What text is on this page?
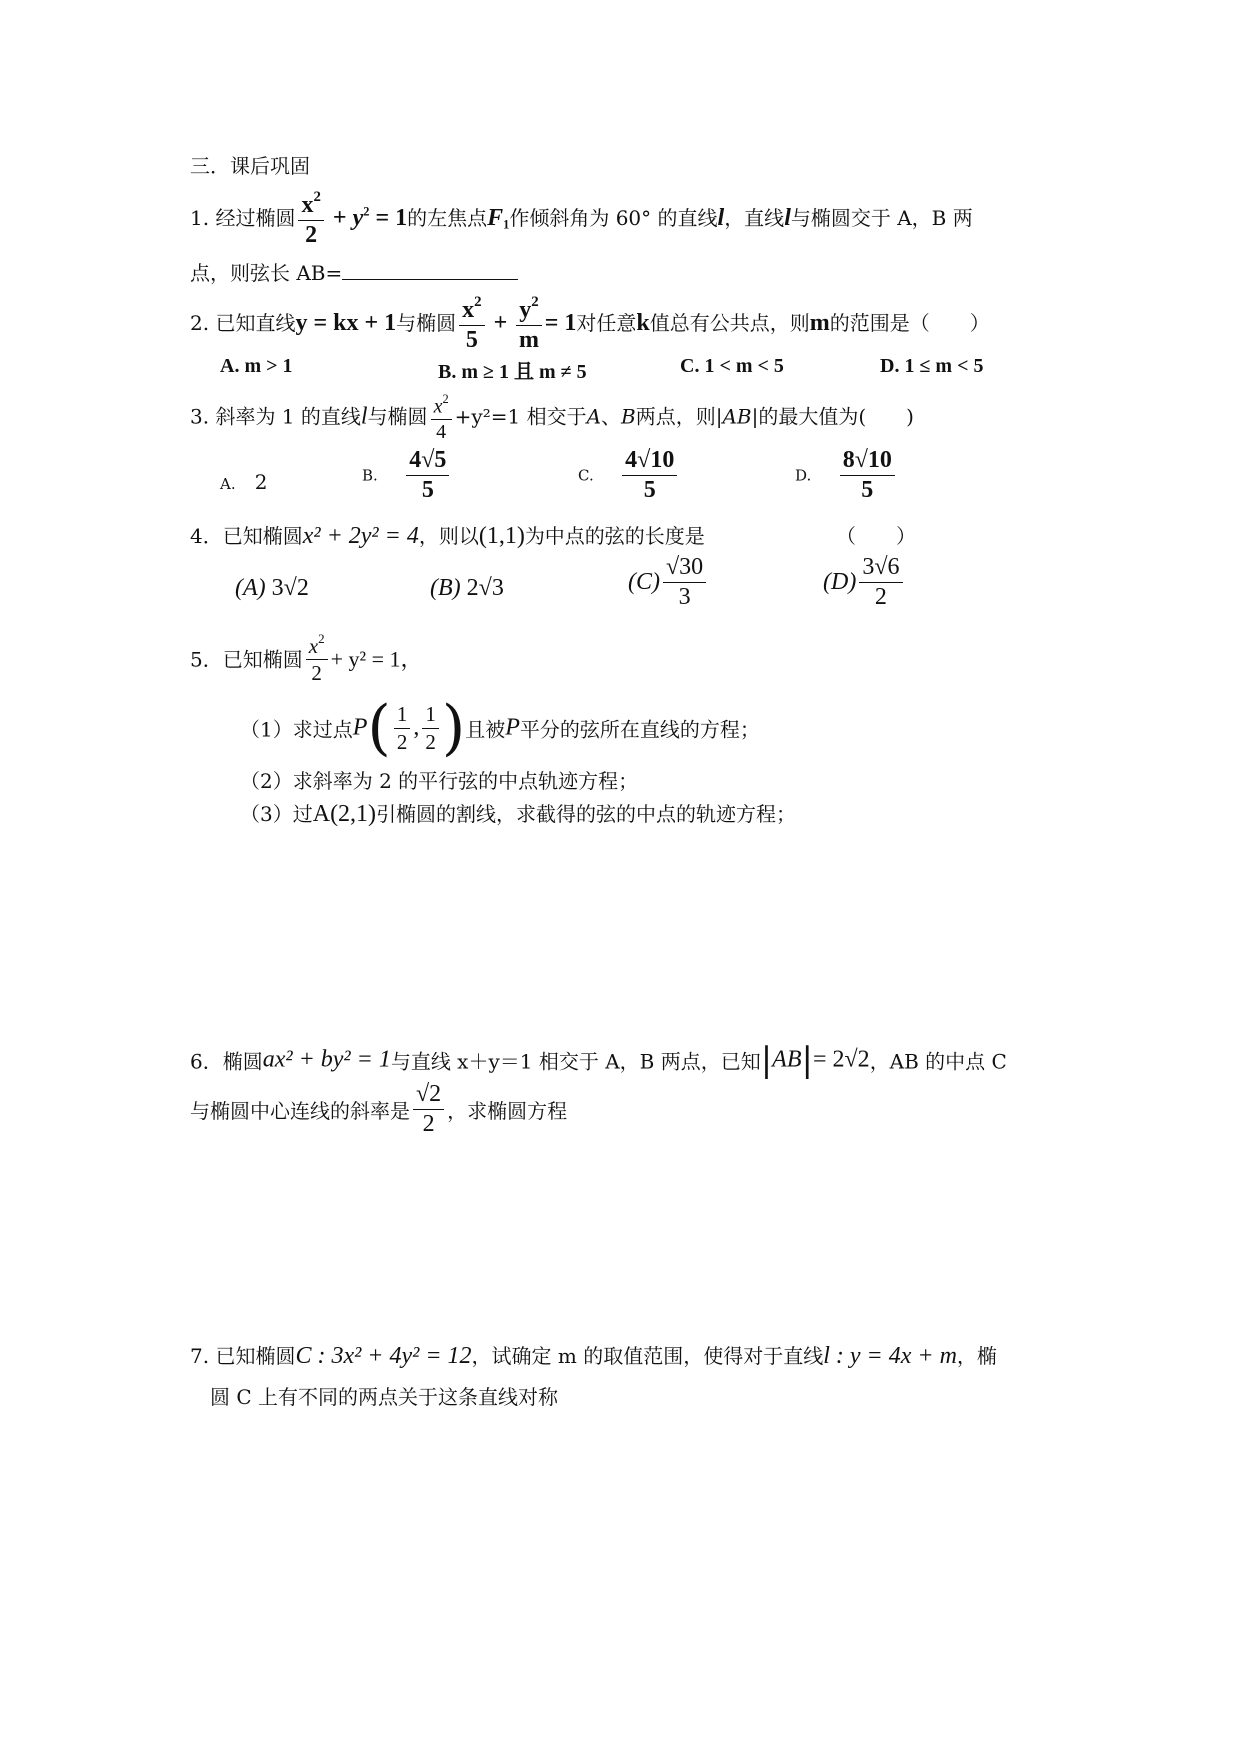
三．课后巩固
1. 经过椭圆 $\frac{x^2}{2} + y^2 = 1$的左焦点$F_1$作倾斜角为 60° 的直线l，直线l与椭圆交于 A，B 两
点，则弦长 AB=
2. 已知直线y = kx + 1与椭圆 $\frac{x^2}{5} + \frac{y^2}{m} = 1$对任意k值总有公共点，则m的范围是（　　）
A. m > 1	B. m ≥ 1 且 m ≠ 5	C. 1 < m < 5	D. 1 ≤ m < 5
3. 斜率为 1 的直线l与椭圆 $\frac{x^2}{4} +y^2=1$ 相交于A、B两点，则|AB|的最大值为(　　)
A. 2	B. $\frac{4√5}{5}$	C. $\frac{4√10}{5}$	D. $\frac{8√10}{5}$
4．已知椭圆x² + 2y² = 4，则以(1,1)为中点的弦的长度是	（　　）
(A) 3√2	(B) 2√3	$(C) \frac{√30}{3}$	$(D) \frac{3√6}{2}$
5．已知椭圆 $\frac{x^2}{2} + y^2 = 1$，
（1）求过点$P( \frac{1}{2}$ , $\frac{1}{2}$ )且被P平分的弦所在直线的方程；
（2）求斜率为 2 的平行弦的中点轨迹方程；
（3）过A(2,1)引椭圆的割线，求截得的弦的中点的轨迹方程；
6．椭圆ax² + by² = 1与直线 x＋y＝1 相交于 A，B 两点，已知|AB|= 2√2，AB 的中点 C
与椭圆中心连线的斜率是 $\frac{√2}{2}$ ，求椭圆方程
7. 已知椭圆C : 3x² + 4y² = 12，试确定 m 的取值范围，使得对于直线l : y = 4x + m，椭
圆 C 上有不同的两点关于这条直线对称
